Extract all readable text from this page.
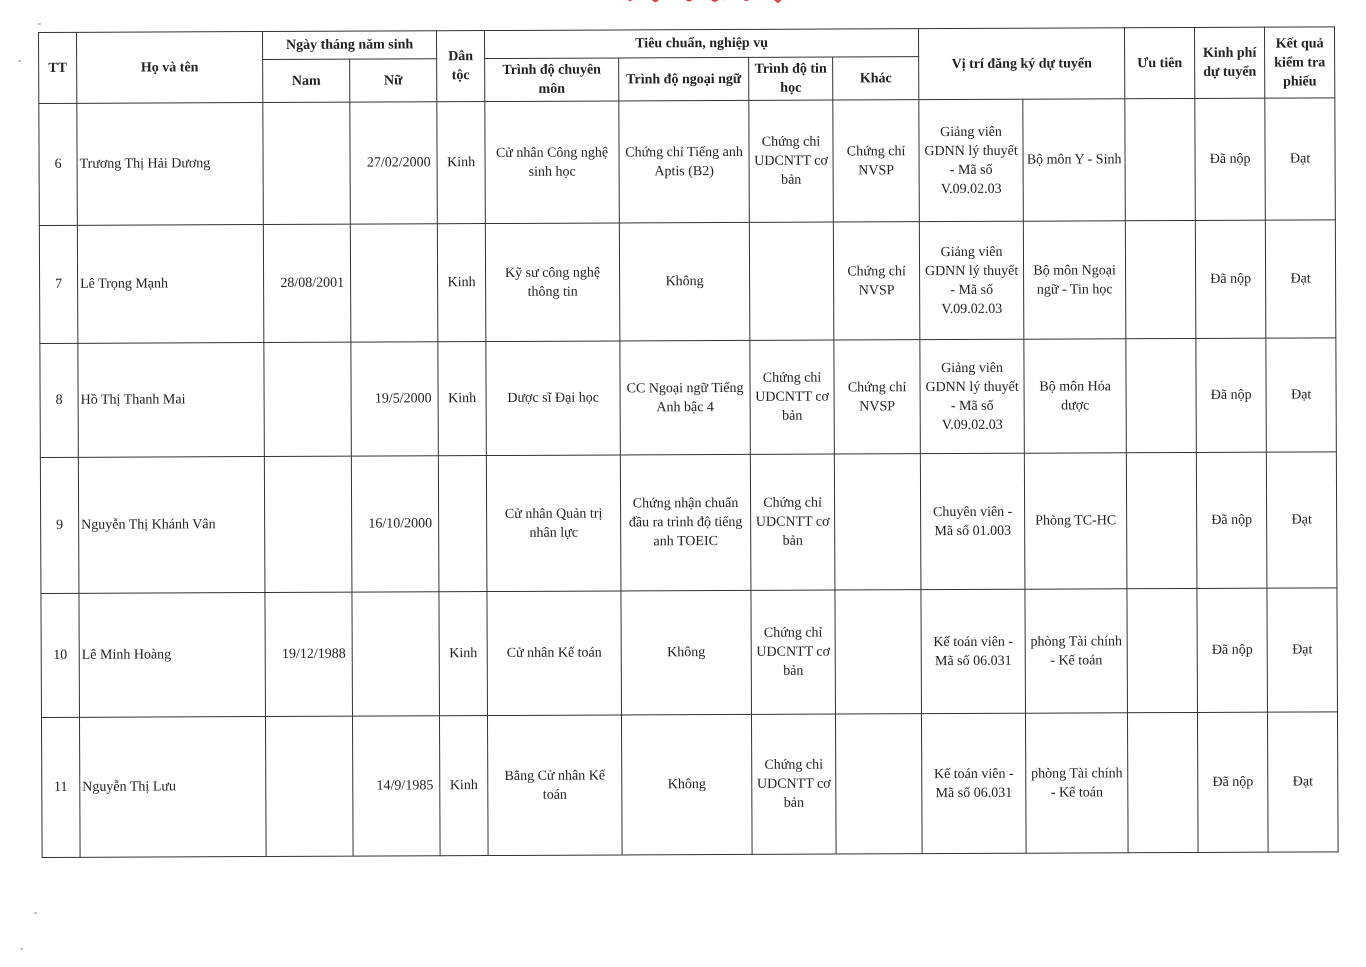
TT	Họ và tên	Ngày tháng năm sinh		Dân tộc	Tiêu chuẩn, nghiệp vụ				Vị trí đăng ký dự tuyển		Ưu tiên	Kinh phí dự tuyển	Kết quả kiểm tra phiếu
		Nam	Nữ		Trình độ chuyên môn	Trình độ ngoại ngữ	Trình độ tin học	Khác					
6	Trương Thị Hải Dương		27/02/2000	Kinh	Cử nhân Công nghệ sinh học	Chứng chỉ Tiếng anh Aptis (B2)	Chứng chỉ UDCNTT cơ bản	Chứng chỉ NVSP	Giảng viên GDNN lý thuyết - Mã số V.09.02.03	Bộ môn Y - Sinh		Đã nộp	Đạt
7	Lê Trọng Mạnh	28/08/2001		Kinh	Kỹ sư công nghệ thông tin	Không		Chứng chỉ NVSP	Giảng viên GDNN lý thuyết - Mã số V.09.02.03	Bộ môn Ngoại ngữ - Tin học		Đã nộp	Đạt
8	Hồ Thị Thanh Mai		19/5/2000	Kinh	Dược sĩ Đại học	CC Ngoại ngữ Tiếng Anh bậc 4	Chứng chỉ UDCNTT cơ bản	Chứng chỉ NVSP	Giảng viên GDNN lý thuyết - Mã số V.09.02.03	Bộ môn Hóa dược		Đã nộp	Đạt
9	Nguyễn Thị Khánh Vân		16/10/2000		Cử nhân Quản trị nhân lực	Chứng nhận chuẩn đầu ra trình độ tiếng anh TOEIC	Chứng chỉ UDCNTT cơ bản		Chuyên viên - Mã số 01.003	Phòng TC-HC		Đã nộp	Đạt
10	Lê Minh Hoàng	19/12/1988		Kinh	Cử nhân Kế toán	Không	Chứng chỉ UDCNTT cơ bản		Kế toán viên - Mã số 06.031	phòng Tài chính - Kế toán		Đã nộp	Đạt
11	Nguyễn Thị Lưu		14/9/1985	Kinh	Bằng Cử nhân Kế toán	Không	Chứng chỉ UDCNTT cơ bản		Kế toán viên - Mã số 06.031	phòng Tài chính - Kế toán		Đã nộp	Đạt
